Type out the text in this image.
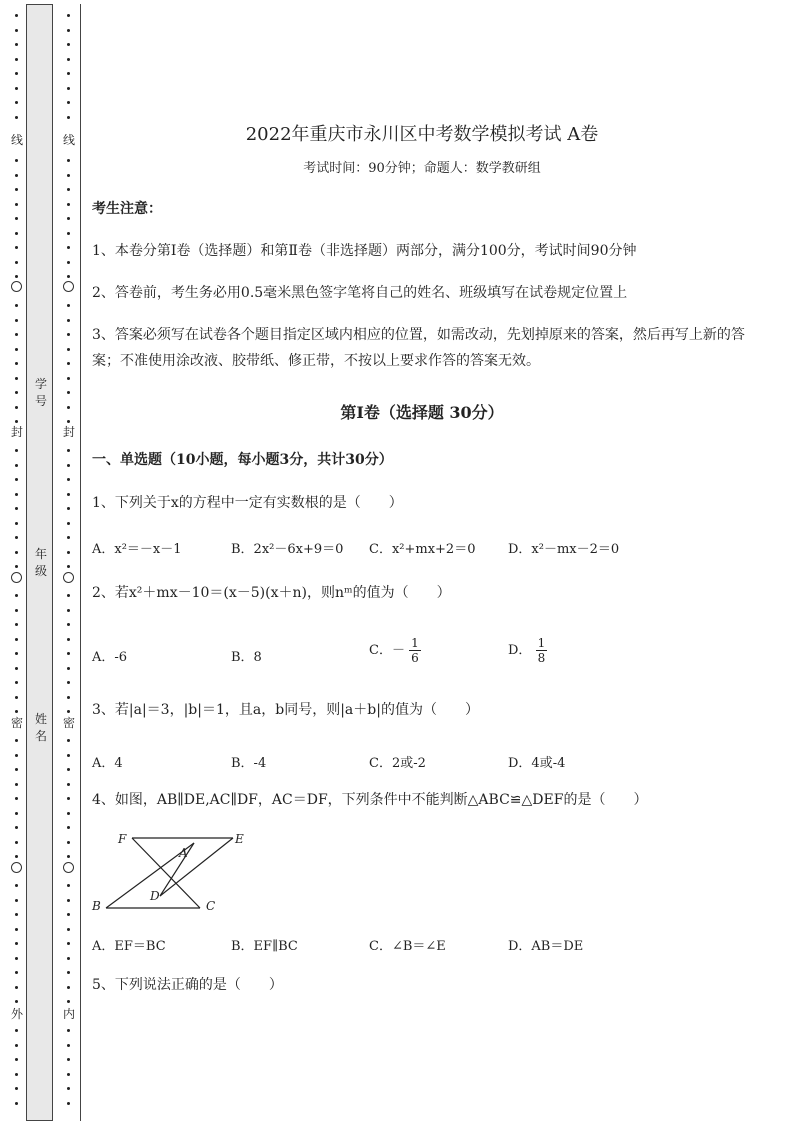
线
封
密
外
线
封
密
内
学号
年级
姓名
2022年重庆市永川区中考数学模拟考试 A卷
考试时间：90分钟；命题人：数学教研组
考生注意：
1、本卷分第I卷（选择题）和第Ⅱ卷（非选择题）两部分，满分100分，考试时间90分钟
2、答卷前，考生务必用0.5毫米黑色签字笔将自己的姓名、班级填写在试卷规定位置上
3、答案必须写在试卷各个题目指定区域内相应的位置，如需改动，先划掉原来的答案，然后再写上新的答案；不准使用涂改液、胶带纸、修正带，不按以上要求作答的答案无效。
第I卷（选择题 30分）
一、单选题（10小题，每小题3分，共计30分）
1、下列关于x的方程中一定有实数根的是（　　）
A．x²＝－x－1	B．2x²－6x+9＝0 C．x²+mx+2＝0	D．x²－mx－2＝0
2、若x²＋mx－10＝(x－5)(x＋n)，则nᵐ的值为（　　）
A．-6	B．8	C．－ $\frac{1}{6}$	D． $\frac{1}{8}$
3、若|a|＝3，|b|＝1，且a，b同号，则|a＋b|的值为（　　）
A．4	B．-4	C．2或-2	D．4或-4
4、如图，AB∥DE,AC∥DF，AC＝DF，下列条件中不能判断△ABC≌△DEF的是（　　）
F	E
A
D
B	C
A．EF＝BC	B．EF∥BC	C．∠B＝∠E	D．AB＝DE
5、下列说法正确的是（　　）
